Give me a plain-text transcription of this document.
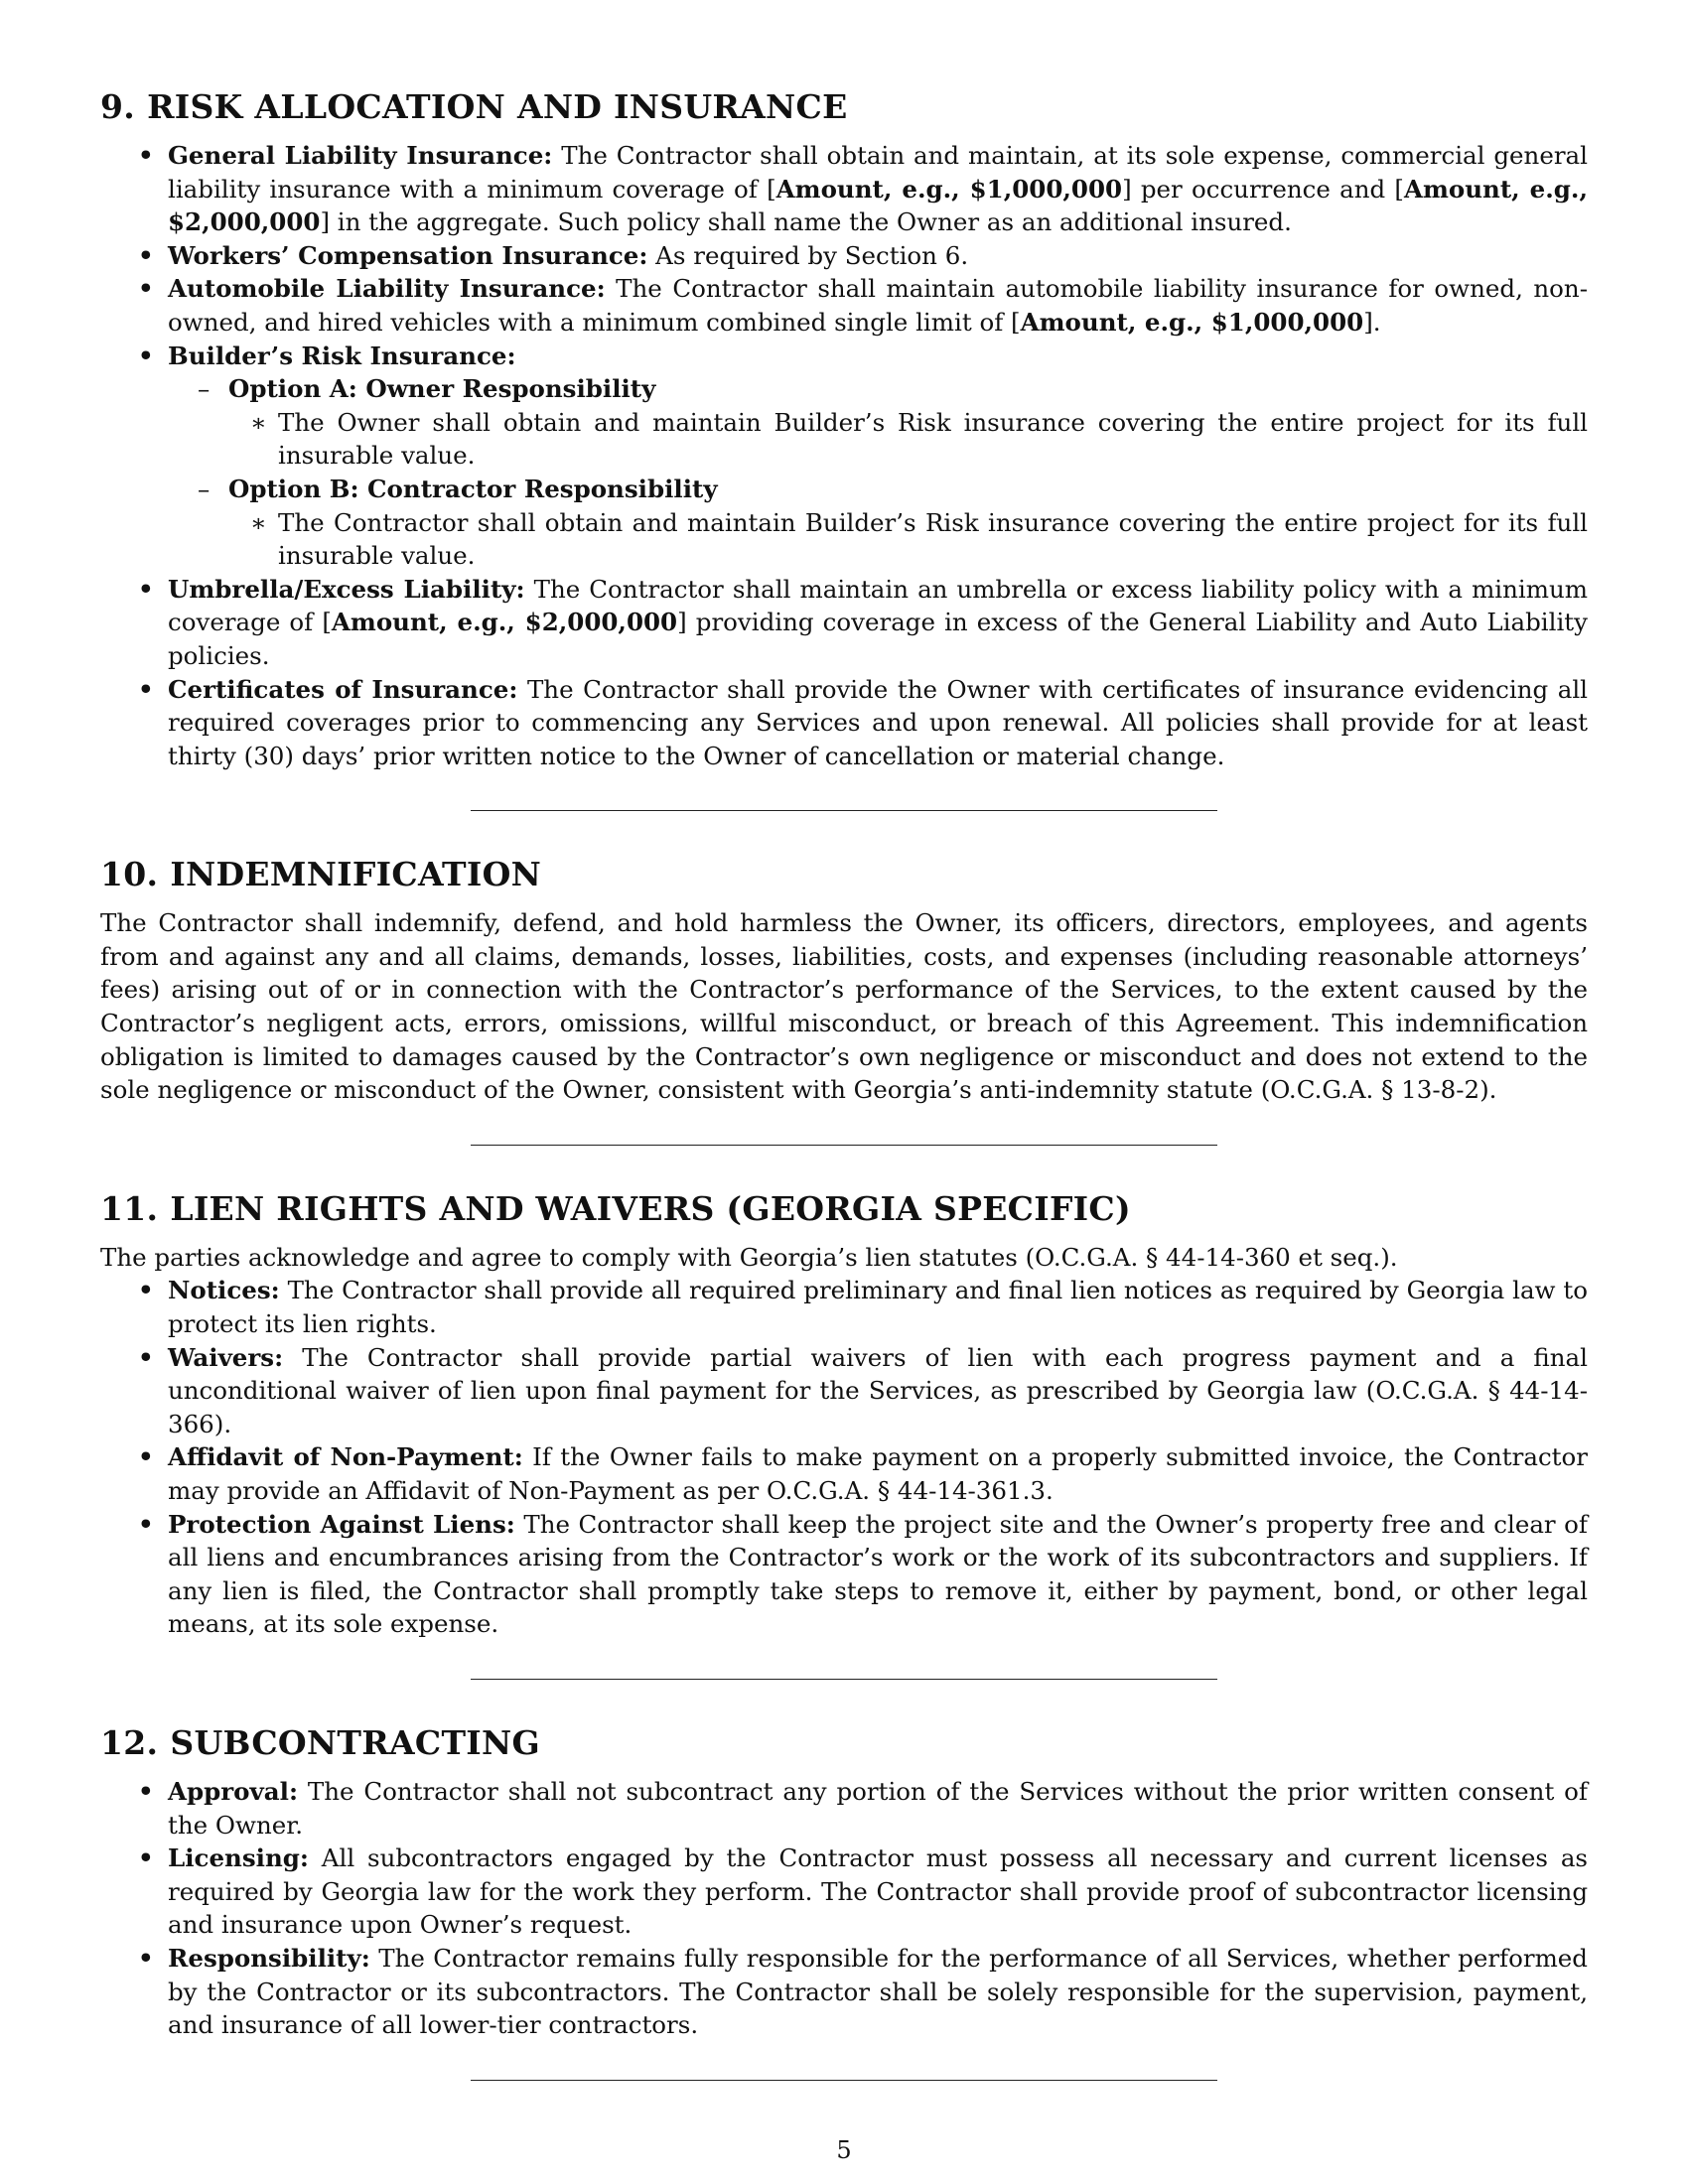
9. RISK ALLOCATION AND INSURANCE
• General Liability Insurance: The Contractor shall obtain and maintain, at its sole expense, commercial general liability insurance with a minimum coverage of [Amount, e.g., $1,000,000] per occurrence and [Amount, e.g., $2,000,000] in the aggregate. Such policy shall name the Owner as an additional insured.
• Workers’ Compensation Insurance: As required by Section 6.
• Automobile Liability Insurance: The Contractor shall maintain automobile liability insurance for owned, non-owned, and hired vehicles with a minimum combined single limit of [Amount, e.g., $1,000,000].
• Builder’s Risk Insurance:
– Option A: Owner Responsibility
∗ The Owner shall obtain and maintain Builder’s Risk insurance covering the entire project for its full insurable value.
– Option B: Contractor Responsibility
∗ The Contractor shall obtain and maintain Builder’s Risk insurance covering the entire project for its full insurable value.
• Umbrella/Excess Liability: The Contractor shall maintain an umbrella or excess liability policy with a minimum coverage of [Amount, e.g., $2,000,000] providing coverage in excess of the General Liability and Auto Liability policies.
• Certificates of Insurance: The Contractor shall provide the Owner with certificates of insurance evidencing all required coverages prior to commencing any Services and upon renewal. All policies shall provide for at least thirty (30) days’ prior written notice to the Owner of cancellation or material change.
10. INDEMNIFICATION

The Contractor shall indemnify, defend, and hold harmless the Owner, its officers, directors, employees, and agents from and against any and all claims, demands, losses, liabilities, costs, and expenses (including reasonable attorneys’ fees) arising out of or in connection with the Contractor’s performance of the Services, to the extent caused by the Contractor’s negligent acts, errors, omissions, willful misconduct, or breach of this Agreement. This indemnification obligation is limited to damages caused by the Contractor’s own negligence or misconduct and does not extend to the sole negligence or misconduct of the Owner, consistent with Georgia’s anti-indemnity statute (O.C.G.A. § 13-8-2).

11. LIEN RIGHTS AND WAIVERS (GEORGIA SPECIFIC)

The parties acknowledge and agree to comply with Georgia’s lien statutes (O.C.G.A. § 44-14-360 et seq.).

• Notices: The Contractor shall provide all required preliminary and final lien notices as required by Georgia law to protect its lien rights.
• Waivers: The Contractor shall provide partial waivers of lien with each progress payment and a final unconditional waiver of lien upon final payment for the Services, as prescribed by Georgia law (O.C.G.A. § 44-14-366).
• Affidavit of Non-Payment: If the Owner fails to make payment on a properly submitted invoice, the Contractor may provide an Affidavit of Non-Payment as per O.C.G.A. § 44-14-361.3.
• Protection Against Liens: The Contractor shall keep the project site and the Owner’s property free and clear of all liens and encumbrances arising from the Contractor’s work or the work of its subcontractors and suppliers. If any lien is filed, the Contractor shall promptly take steps to remove it, either by payment, bond, or other legal means, at its sole expense.
12. SUBCONTRACTING
• Approval: The Contractor shall not subcontract any portion of the Services without the prior written consent of the Owner.
• Licensing: All subcontractors engaged by the Contractor must possess all necessary and current licenses as required by Georgia law for the work they perform. The Contractor shall provide proof of subcontractor licensing and insurance upon Owner’s request.
• Responsibility: The Contractor remains fully responsible for the performance of all Services, whether performed by the Contractor or its subcontractors. The Contractor shall be solely responsible for the supervision, payment, and insurance of all lower-tier contractors.
5
